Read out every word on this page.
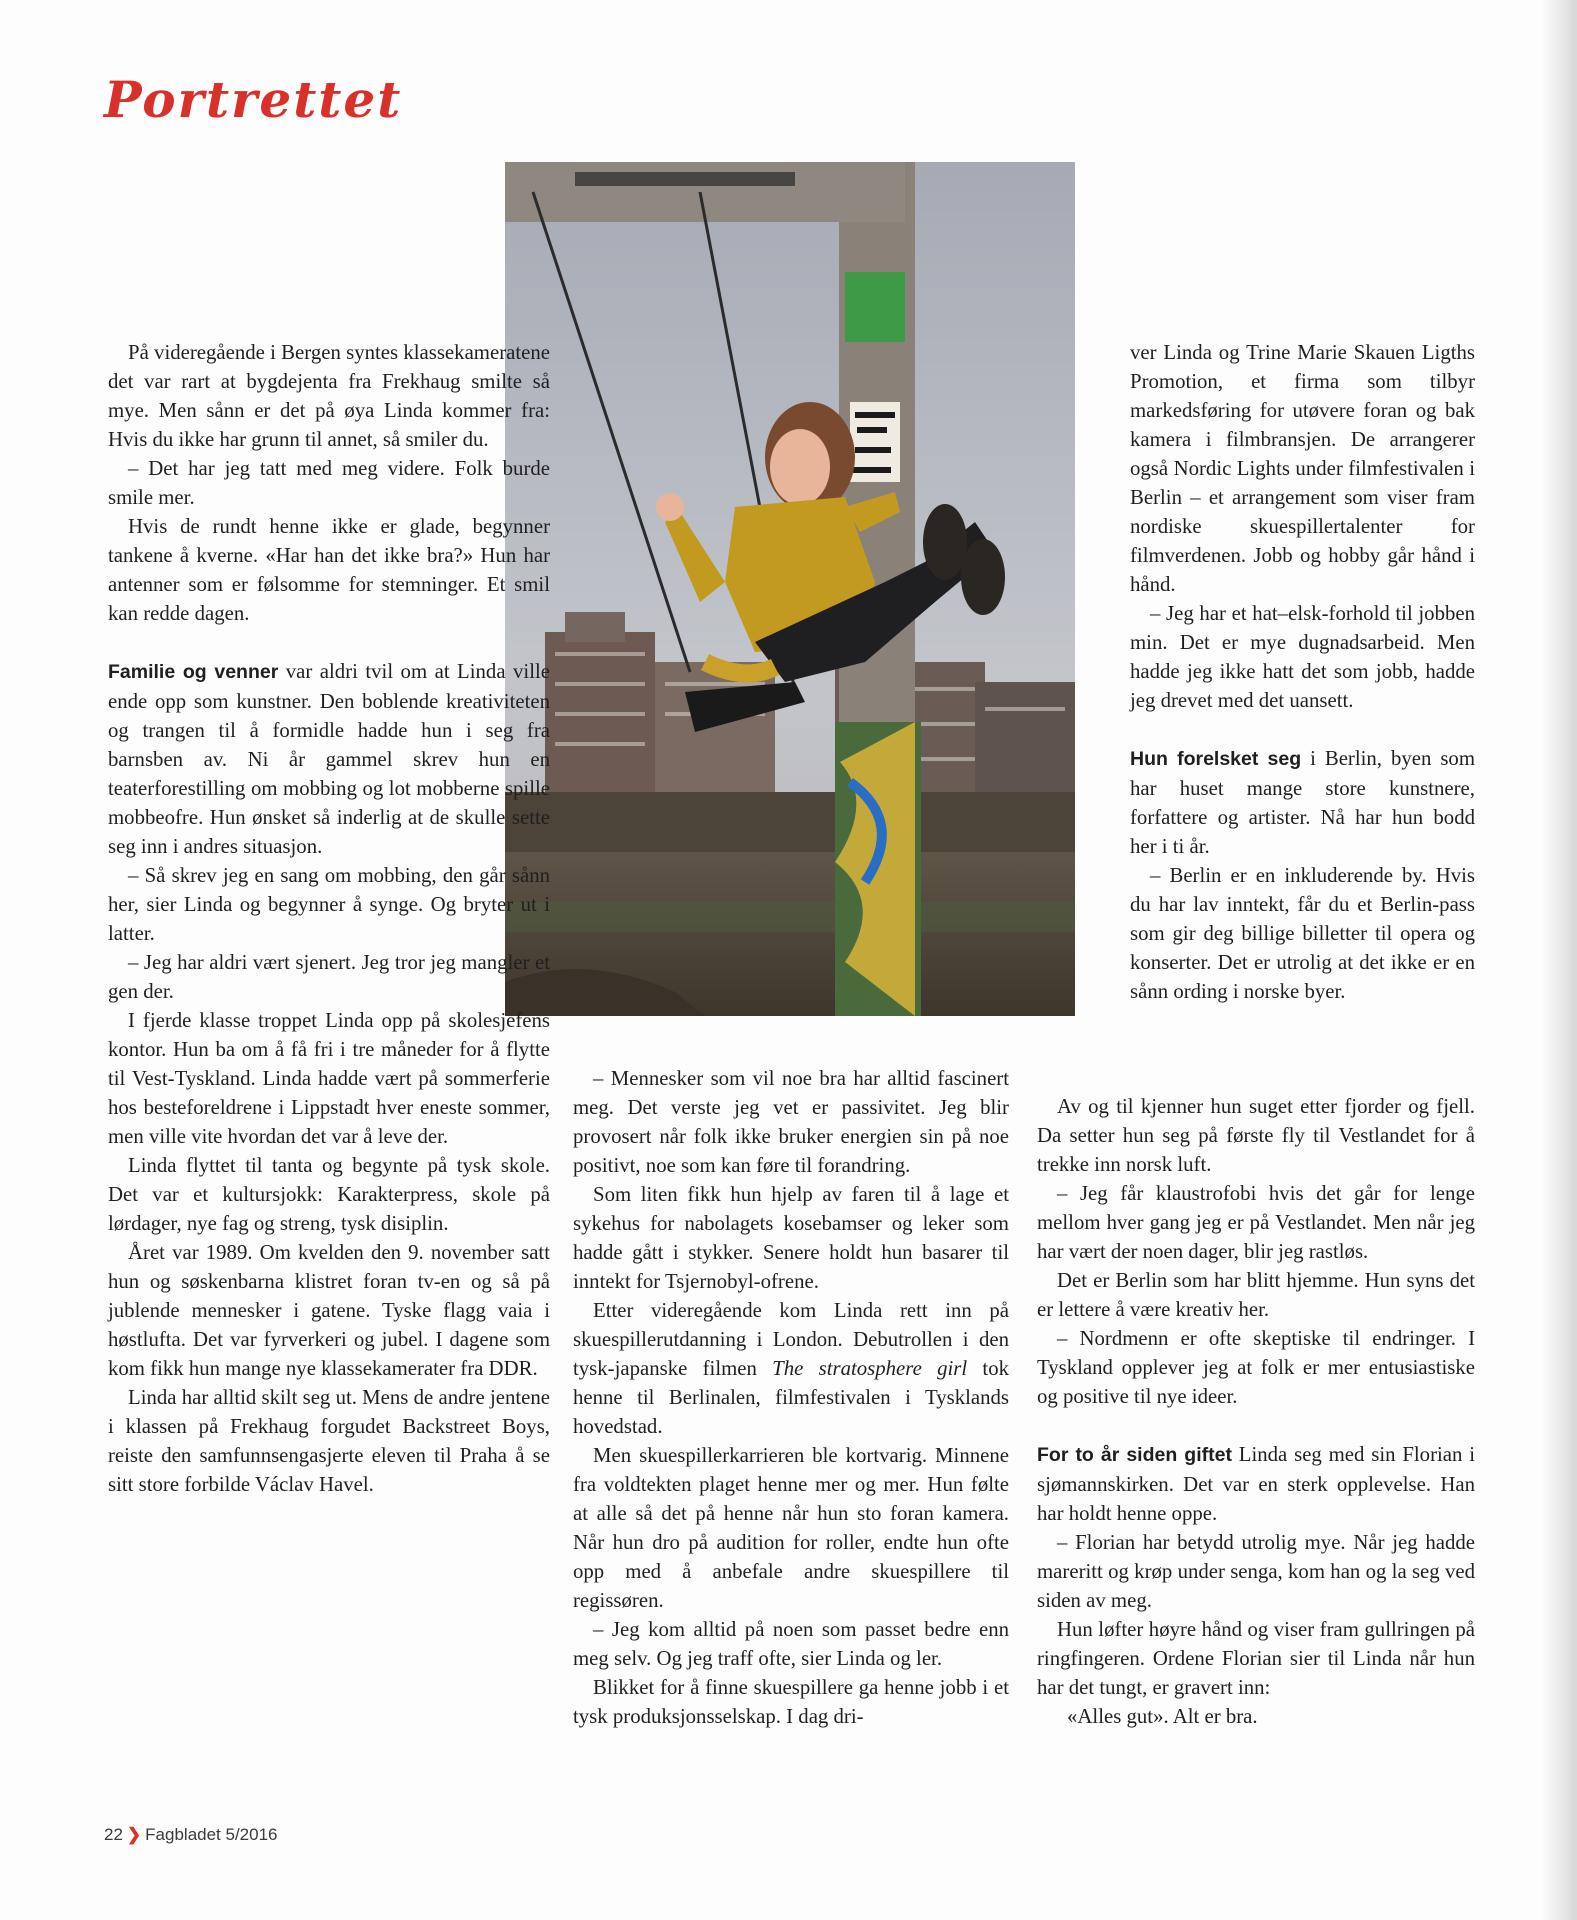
Portrettet

På videregående i Bergen syntes klassekameratene det var rart at bygdejenta fra Frekhaug smilte så mye. Men sånn er det på øya Linda kommer fra: Hvis du ikke har grunn til annet, så smiler du.

– Det har jeg tatt med meg videre. Folk burde smile mer.

Hvis de rundt henne ikke er glade, begynner tankene å kverne. «Har han det ikke bra?» Hun har antenner som er følsomme for stemninger. Et smil kan redde dagen.

Familie og venner var aldri tvil om at Linda ville ende opp som kunstner. Den boblende kreativiteten og trangen til å formidle hadde hun i seg fra barnsben av. Ni år gammel skrev hun en teaterforestilling om mobbing og lot mobberne spille mobbeofre. Hun ønsket så inderlig at de skulle sette seg inn i andres situasjon.

– Så skrev jeg en sang om mobbing, den går sånn her, sier Linda og begynner å synge. Og bryter ut i latter.

– Jeg har aldri vært sjenert. Jeg tror jeg mangler et gen der.

I fjerde klasse troppet Linda opp på skolesjefens kontor. Hun ba om å få fri i tre måneder for å flytte til Vest-Tyskland. Linda hadde vært på sommerferie hos besteforeldrene i Lippstadt hver eneste sommer, men ville vite hvordan det var å leve der.

Linda flyttet til tanta og begynte på tysk skole. Det var et kultursjokk: Karakterpress, skole på lørdager, nye fag og streng, tysk disiplin.

Året var 1989. Om kvelden den 9. november satt hun og søskenbarna klistret foran tv-en og så på jublende mennesker i gatene. Tyske flagg vaia i høstlufta. Det var fyrverkeri og jubel. I dagene som kom fikk hun mange nye klassekamerater fra DDR.

Linda har alltid skilt seg ut. Mens de andre jentene i klassen på Frekhaug forgudet Backstreet Boys, reiste den samfunnsengasjerte eleven til Praha å se sitt store forbilde Václav Havel.

– Mennesker som vil noe bra har alltid fascinert meg. Det verste jeg vet er passivitet. Jeg blir provosert når folk ikke bruker energien sin på noe positivt, noe som kan føre til forandring.

Som liten fikk hun hjelp av faren til å lage et sykehus for nabolagets kosebamser og leker som hadde gått i stykker. Senere holdt hun basarer til inntekt for Tsjernobyl-ofrene.

Etter videregående kom Linda rett inn på skuespillerutdanning i London. Debutrollen i den tysk-japanske filmen The stratosphere girl tok henne til Berlinalen, filmfestivalen i Tysklands hovedstad.

Men skuespillerkarrieren ble kortvarig. Minnene fra voldtekten plaget henne mer og mer. Hun følte at alle så det på henne når hun sto foran kamera. Når hun dro på audition for roller, endte hun ofte opp med å anbefale andre skuespillere til regissøren.

– Jeg kom alltid på noen som passet bedre enn meg selv. Og jeg traff ofte, sier Linda og ler.

Blikket for å finne skuespillere ga henne jobb i et tysk produksjonsselskap. I dag dri-

ver Linda og Trine Marie Skauen Ligths Promotion, et firma som tilbyr markedsføring for utøvere foran og bak kamera i filmbransjen. De arrangerer også Nordic Lights under filmfestivalen i Berlin – et arrangement som viser fram nordiske skuespillertalenter for filmverdenen. Jobb og hobby går hånd i hånd.

– Jeg har et hat–elsk-forhold til jobben min. Det er mye dugnadsarbeid. Men hadde jeg ikke hatt det som jobb, hadde jeg drevet med det uansett.

Hun forelsket seg i Berlin, byen som har huset mange store kunstnere, forfattere og artister. Nå har hun bodd her i ti år.

– Berlin er en inkluderende by. Hvis du har lav inntekt, får du et Berlin-pass som gir deg billige billetter til opera og konserter. Det er utrolig at det ikke er en sånn ording i norske byer.

Av og til kjenner hun suget etter fjorder og fjell. Da setter hun seg på første fly til Vestlandet for å trekke inn norsk luft.

– Jeg får klaustrofobi hvis det går for lenge mellom hver gang jeg er på Vestlandet. Men når jeg har vært der noen dager, blir jeg rastløs.

Det er Berlin som har blitt hjemme. Hun syns det er lettere å være kreativ her.

– Nordmenn er ofte skeptiske til endringer. I Tyskland opplever jeg at folk er mer entusiastiske og positive til nye ideer.

For to år siden giftet Linda seg med sin Florian i sjømannskirken. Det var en sterk opplevelse. Han har holdt henne oppe.

– Florian har betydd utrolig mye. Når jeg hadde mareritt og krøp under senga, kom han og la seg ved siden av meg.

Hun løfter høyre hånd og viser fram gullringen på ringfingeren. Ordene Florian sier til Linda når hun har det tungt, er gravert inn:

«Alles gut». Alt er bra.

22 ❯ Fagbladet 5/2016
